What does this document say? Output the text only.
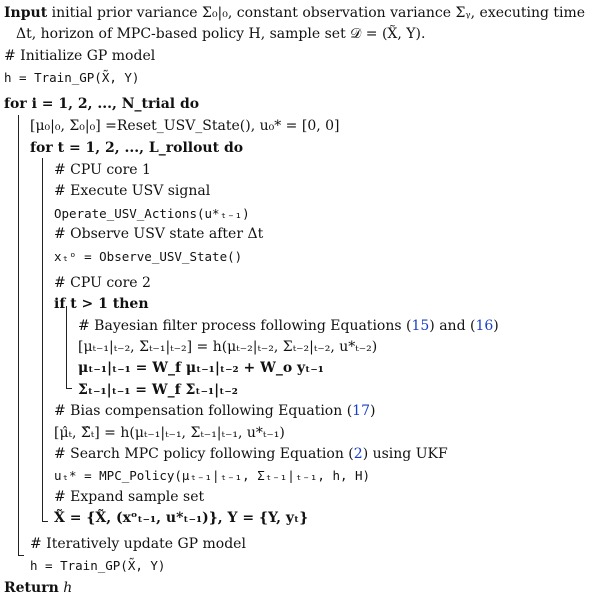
Input initial prior variance Σ₀|₀, constant observation variance Σᵧ, executing time
Δt, horizon of MPC-based policy H, sample set 𝒟 = (X̃, Y).
# Initialize GP model
h = Train_GP(X̃, Y)
for i = 1, 2, ..., N_trial do
[μ₀|₀, Σ₀|₀] =Reset_USV_State(), u₀* = [0, 0]
for t = 1, 2, ..., L_rollout do
# CPU core 1
# Execute USV signal
Operate_USV_Actions(u*ₜ₋₁)
# Observe USV state after Δt
xₜᵒ = Observe_USV_State()
# CPU core 2
if t > 1 then
# Bayesian filter process following Equations (15) and (16)
[μₜ₋₁|ₜ₋₂, Σₜ₋₁|ₜ₋₂] = h(μₜ₋₂|ₜ₋₂, Σₜ₋₂|ₜ₋₂, u*ₜ₋₂)
μₜ₋₁|ₜ₋₁ = W_f μₜ₋₁|ₜ₋₂ + W_o yₜ₋₁
Σₜ₋₁|ₜ₋₁ = W_f Σₜ₋₁|ₜ₋₂
# Bias compensation following Equation (17)
[μ̂ₜ, Σ̂ₜ] = h(μₜ₋₁|ₜ₋₁, Σₜ₋₁|ₜ₋₁, u*ₜ₋₁)
# Search MPC policy following Equation (2) using UKF
uₜ* = MPC_Policy(μₜ₋₁|ₜ₋₁, Σₜ₋₁|ₜ₋₁, h, H)
# Expand sample set
X̃ = {X̃, (xᵒₜ₋₁, u*ₜ₋₁)}, Y = {Y, yₜ}
# Iteratively update GP model
h = Train_GP(X̃, Y)
Return h
